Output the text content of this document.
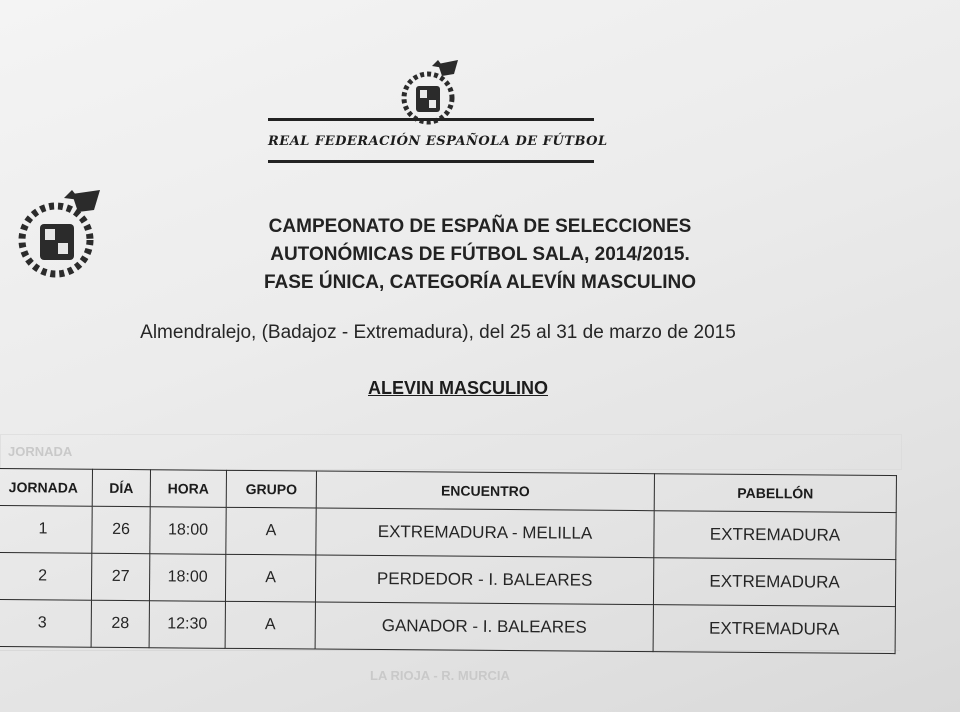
REAL FEDERACIÓN ESPAÑOLA DE FÚTBOL
CAMPEONATO DE ESPAÑA DE SELECCIONES
AUTONÓMICAS DE FÚTBOL SALA, 2014/2015.
FASE ÚNICA, CATEGORÍA ALEVÍN MASCULINO
Almendralejo, (Badajoz - Extremadura), del 25 al 31 de marzo de 2015
ALEVIN MASCULINO
JORNADA
LA RIOJA - R. MURCIA
JORNADA	DÍA	HORA	GRUPO	ENCUENTRO	PABELLÓN
1	26	18:00	A	EXTREMADURA - MELILLA	EXTREMADURA
2	27	18:00	A	PERDEDOR - I. BALEARES	EXTREMADURA
3	28	12:30	A	GANADOR - I. BALEARES	EXTREMADURA
